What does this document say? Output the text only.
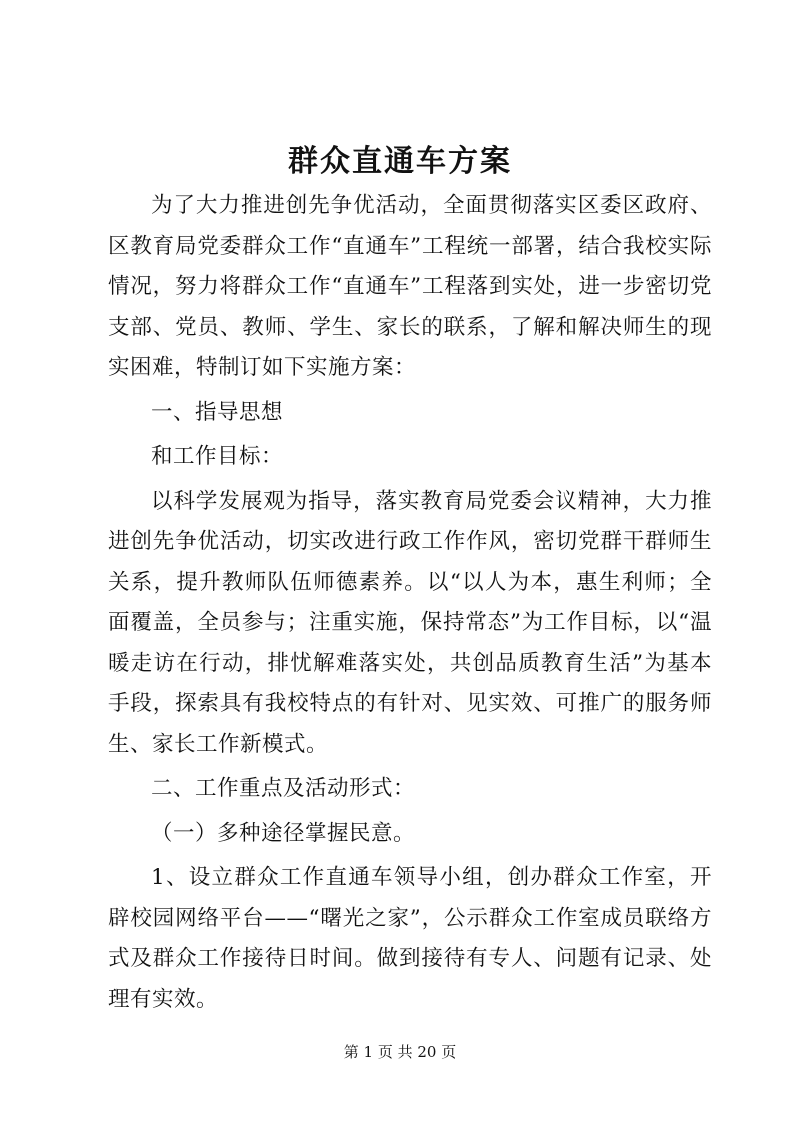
群众直通车方案

为了大力推进创先争优活动，全面贯彻落实区委区政府、区教育局党委群众工作“直通车”工程统一部署，结合我校实际情况，努力将群众工作“直通车”工程落到实处，进一步密切党支部、党员、教师、学生、家长的联系，了解和解决师生的现实困难，特制订如下实施方案：

一、指导思想

和工作目标：

以科学发展观为指导，落实教育局党委会议精神，大力推进创先争优活动，切实改进行政工作作风，密切党群干群师生关系，提升教师队伍师德素养。以“以人为本，惠生利师；全面覆盖，全员参与；注重实施，保持常态”为工作目标，以“温暖走访在行动，排忧解难落实处，共创品质教育生活”为基本手段，探索具有我校特点的有针对、见实效、可推广的服务师生、家长工作新模式。

二、工作重点及活动形式：

（一）多种途径掌握民意。

1、设立群众工作直通车领导小组，创办群众工作室，开辟校园网络平台——“曙光之家”，公示群众工作室成员联络方式及群众工作接待日时间。做到接待有专人、问题有记录、处理有实效。

第 1 页 共 20 页
